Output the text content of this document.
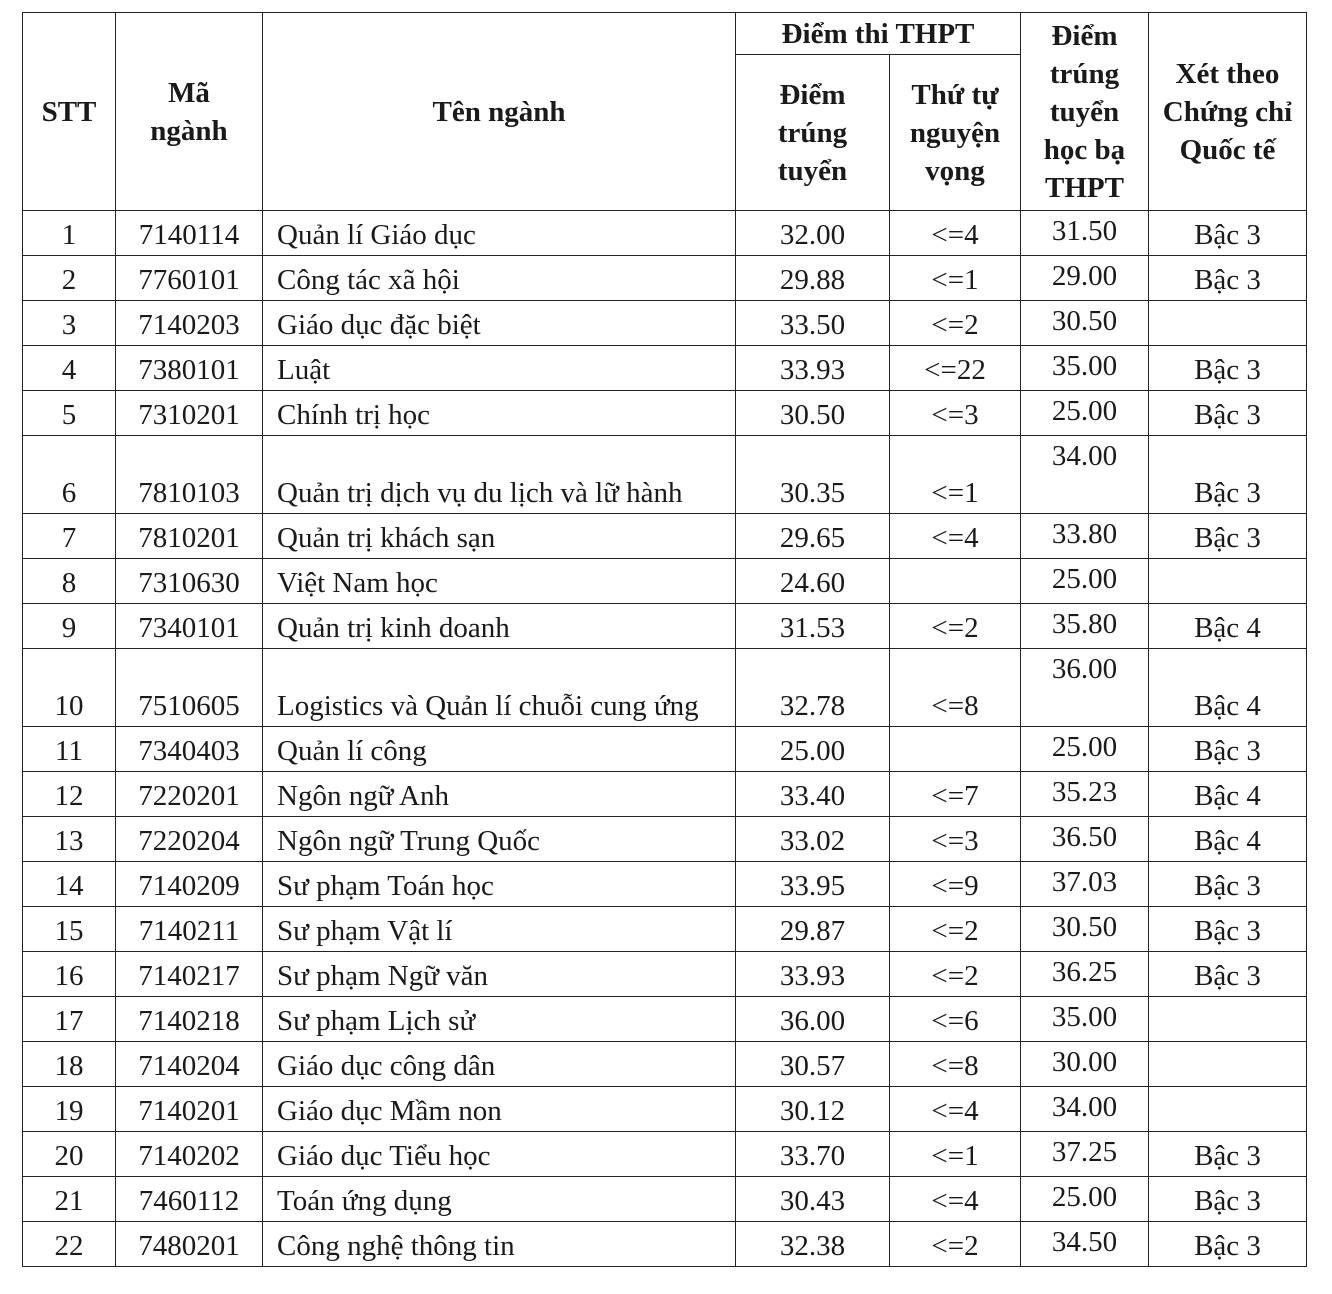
STT	Mã ngành	Tên ngành	Điểm thi THPT		Điểm trúng tuyển học bạ THPT	Xét theo Chứng chỉ Quốc tế
			Điểm trúng tuyển	Thứ tự nguyện vọng		
1	7140114	Quản lí Giáo dục	32.00	<=4	31.50	Bậc 3
2	7760101	Công tác xã hội	29.88	<=1	29.00	Bậc 3
3	7140203	Giáo dục đặc biệt	33.50	<=2	30.50	
4	7380101	Luật	33.93	<=22	35.00	Bậc 3
5	7310201	Chính trị học	30.50	<=3	25.00	Bậc 3
6	7810103	Quản trị dịch vụ du lịch và lữ hành	30.35	<=1	34.00	Bậc 3
7	7810201	Quản trị khách sạn	29.65	<=4	33.80	Bậc 3
8	7310630	Việt Nam học	24.60		25.00	
9	7340101	Quản trị kinh doanh	31.53	<=2	35.80	Bậc 4
10	7510605	Logistics và Quản lí chuỗi cung ứng	32.78	<=8	36.00	Bậc 4
11	7340403	Quản lí công	25.00		25.00	Bậc 3
12	7220201	Ngôn ngữ Anh	33.40	<=7	35.23	Bậc 4
13	7220204	Ngôn ngữ Trung Quốc	33.02	<=3	36.50	Bậc 4
14	7140209	Sư phạm Toán học	33.95	<=9	37.03	Bậc 3
15	7140211	Sư phạm Vật lí	29.87	<=2	30.50	Bậc 3
16	7140217	Sư phạm Ngữ văn	33.93	<=2	36.25	Bậc 3
17	7140218	Sư phạm Lịch sử	36.00	<=6	35.00	
18	7140204	Giáo dục công dân	30.57	<=8	30.00	
19	7140201	Giáo dục Mầm non	30.12	<=4	34.00	
20	7140202	Giáo dục Tiểu học	33.70	<=1	37.25	Bậc 3
21	7460112	Toán ứng dụng	30.43	<=4	25.00	Bậc 3
22	7480201	Công nghệ thông tin	32.38	<=2	34.50	Bậc 3
